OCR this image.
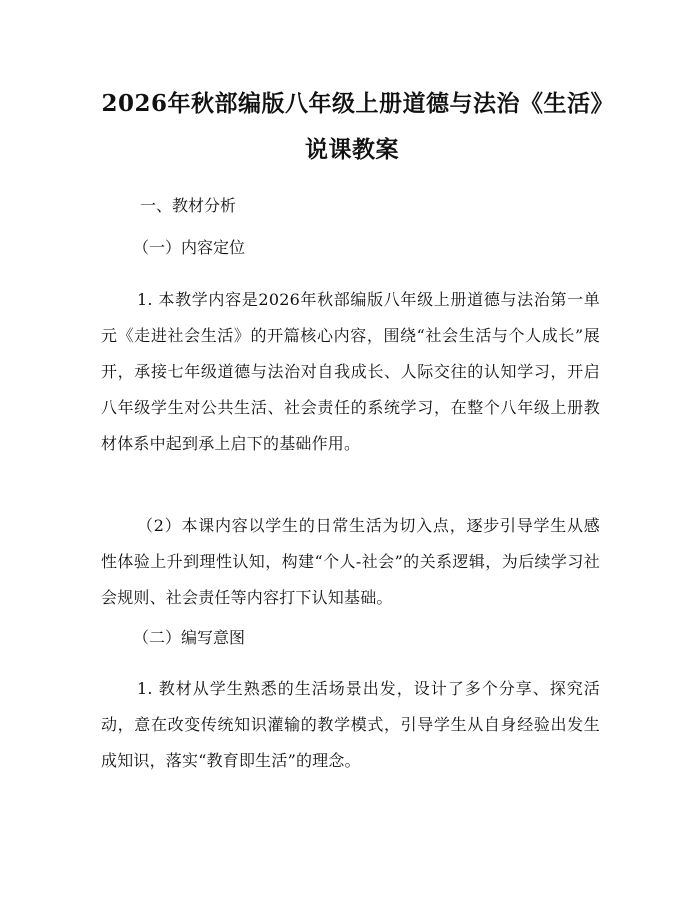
2026年秋部编版八年级上册道德与法治《生活》说课教案

一、教材分析

（一）内容定位

1. 本教学内容是2026年秋部编版八年级上册道德与法治第一单元《走进社会生活》的开篇核心内容，围绕“社会生活与个人成长”展开，承接七年级道德与法治对自我成长、人际交往的认知学习，开启八年级学生对公共生活、社会责任的系统学习，在整个八年级上册教材体系中起到承上启下的基础作用。

（2）本课内容以学生的日常生活为切入点，逐步引导学生从感性体验上升到理性认知，构建“个人-社会”的关系逻辑，为后续学习社会规则、社会责任等内容打下认知基础。

（二）编写意图

1. 教材从学生熟悉的生活场景出发，设计了多个分享、探究活动，意在改变传统知识灌输的教学模式，引导学生从自身经验出发生成知识，落实“教育即生活”的理念。
